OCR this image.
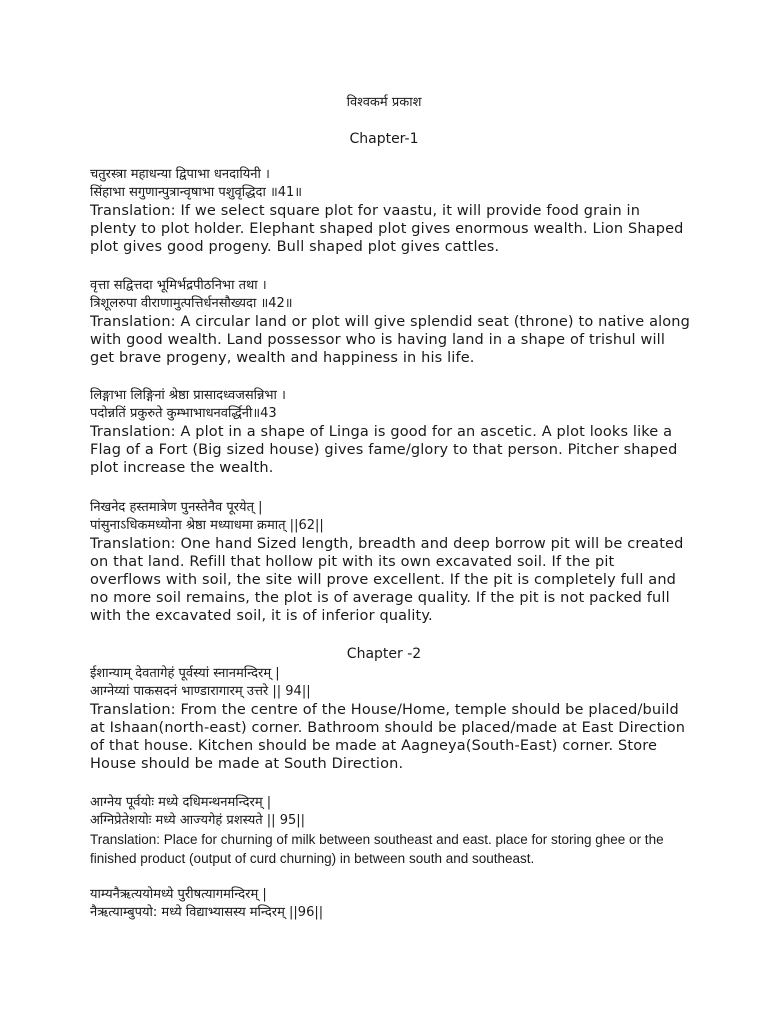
विश्वकर्म प्रकाश
Chapter-1
चतुरस्त्रा महाधन्या द्विपाभा धनदायिनी ।
सिंहाभा सगुणान्पुत्रान्वृषाभा पशुवृद्धिदा ॥41॥
Translation: If we select square plot for vaastu, it will provide food grain in plenty to plot holder. Elephant shaped plot gives enormous wealth. Lion Shaped plot gives good progeny. Bull shaped plot gives cattles.
वृत्ता सद्वित्तदा भूमिर्भद्रपीठनिभा तथा ।
त्रिशूलरुपा वीराणामुत्पत्तिर्धनसौख्यदा ॥42॥
Translation: A circular land or plot will give splendid seat (throne) to native along with good wealth. Land possessor who is having land in a shape of trishul will get brave progeny, wealth and happiness in his life.
लिङ्गाभा लिङ्गिनां श्रेष्ठा प्रासादध्वजसन्निभा ।
पदोन्नतिं प्रकुरुते कुम्भाभाधनवर्द्धिनी॥43
Translation: A plot in a shape of Linga is good for an ascetic. A plot looks like a Flag of a Fort (Big sized house) gives fame/glory to that person. Pitcher shaped plot increase the wealth.
निखनेद हस्तमात्रेण पुनस्तेनैव पूरयेत् |
पांसुनाऽधिकमध्योना श्रेष्ठा मध्याधमा क्रमात् ||62||
Translation: One hand Sized length, breadth and deep borrow pit will be created on that land. Refill that hollow pit with its own excavated soil. If the pit overflows with soil, the site will prove excellent. If the pit is completely full and no more soil remains, the plot is of average quality. If the pit is not packed full with the excavated soil, it is of inferior quality.
Chapter -2
ईशान्याम् देवतागेहं पूर्वस्यां स्नानमन्दिरम् |
आग्नेय्यां पाकसदनं भाण्डारागारम् उत्तरे || 94||
Translation: From the centre of the House/Home, temple should be placed/build at Ishaan(north-east) corner. Bathroom should be placed/made at East Direction of that house. Kitchen should be made at Aagneya(South-East) corner. Store House should be made at South Direction.
आग्नेय पूर्वयोः मध्ये दधिमन्थनमन्दिरम् |
अग्निप्रेतेशयोः मध्ये आज्यगेहं प्रशस्यते || 95||
Translation: Place for churning of milk between southeast and east. place for storing ghee or the finished product (output of curd churning) in between south and southeast.
याम्यनैऋत्ययोमध्ये पुरीषत्यागमन्दिरम् |
नैऋत्याम्बुपयो: मध्ये विद्याभ्यासस्य मन्दिरम् ||96||
